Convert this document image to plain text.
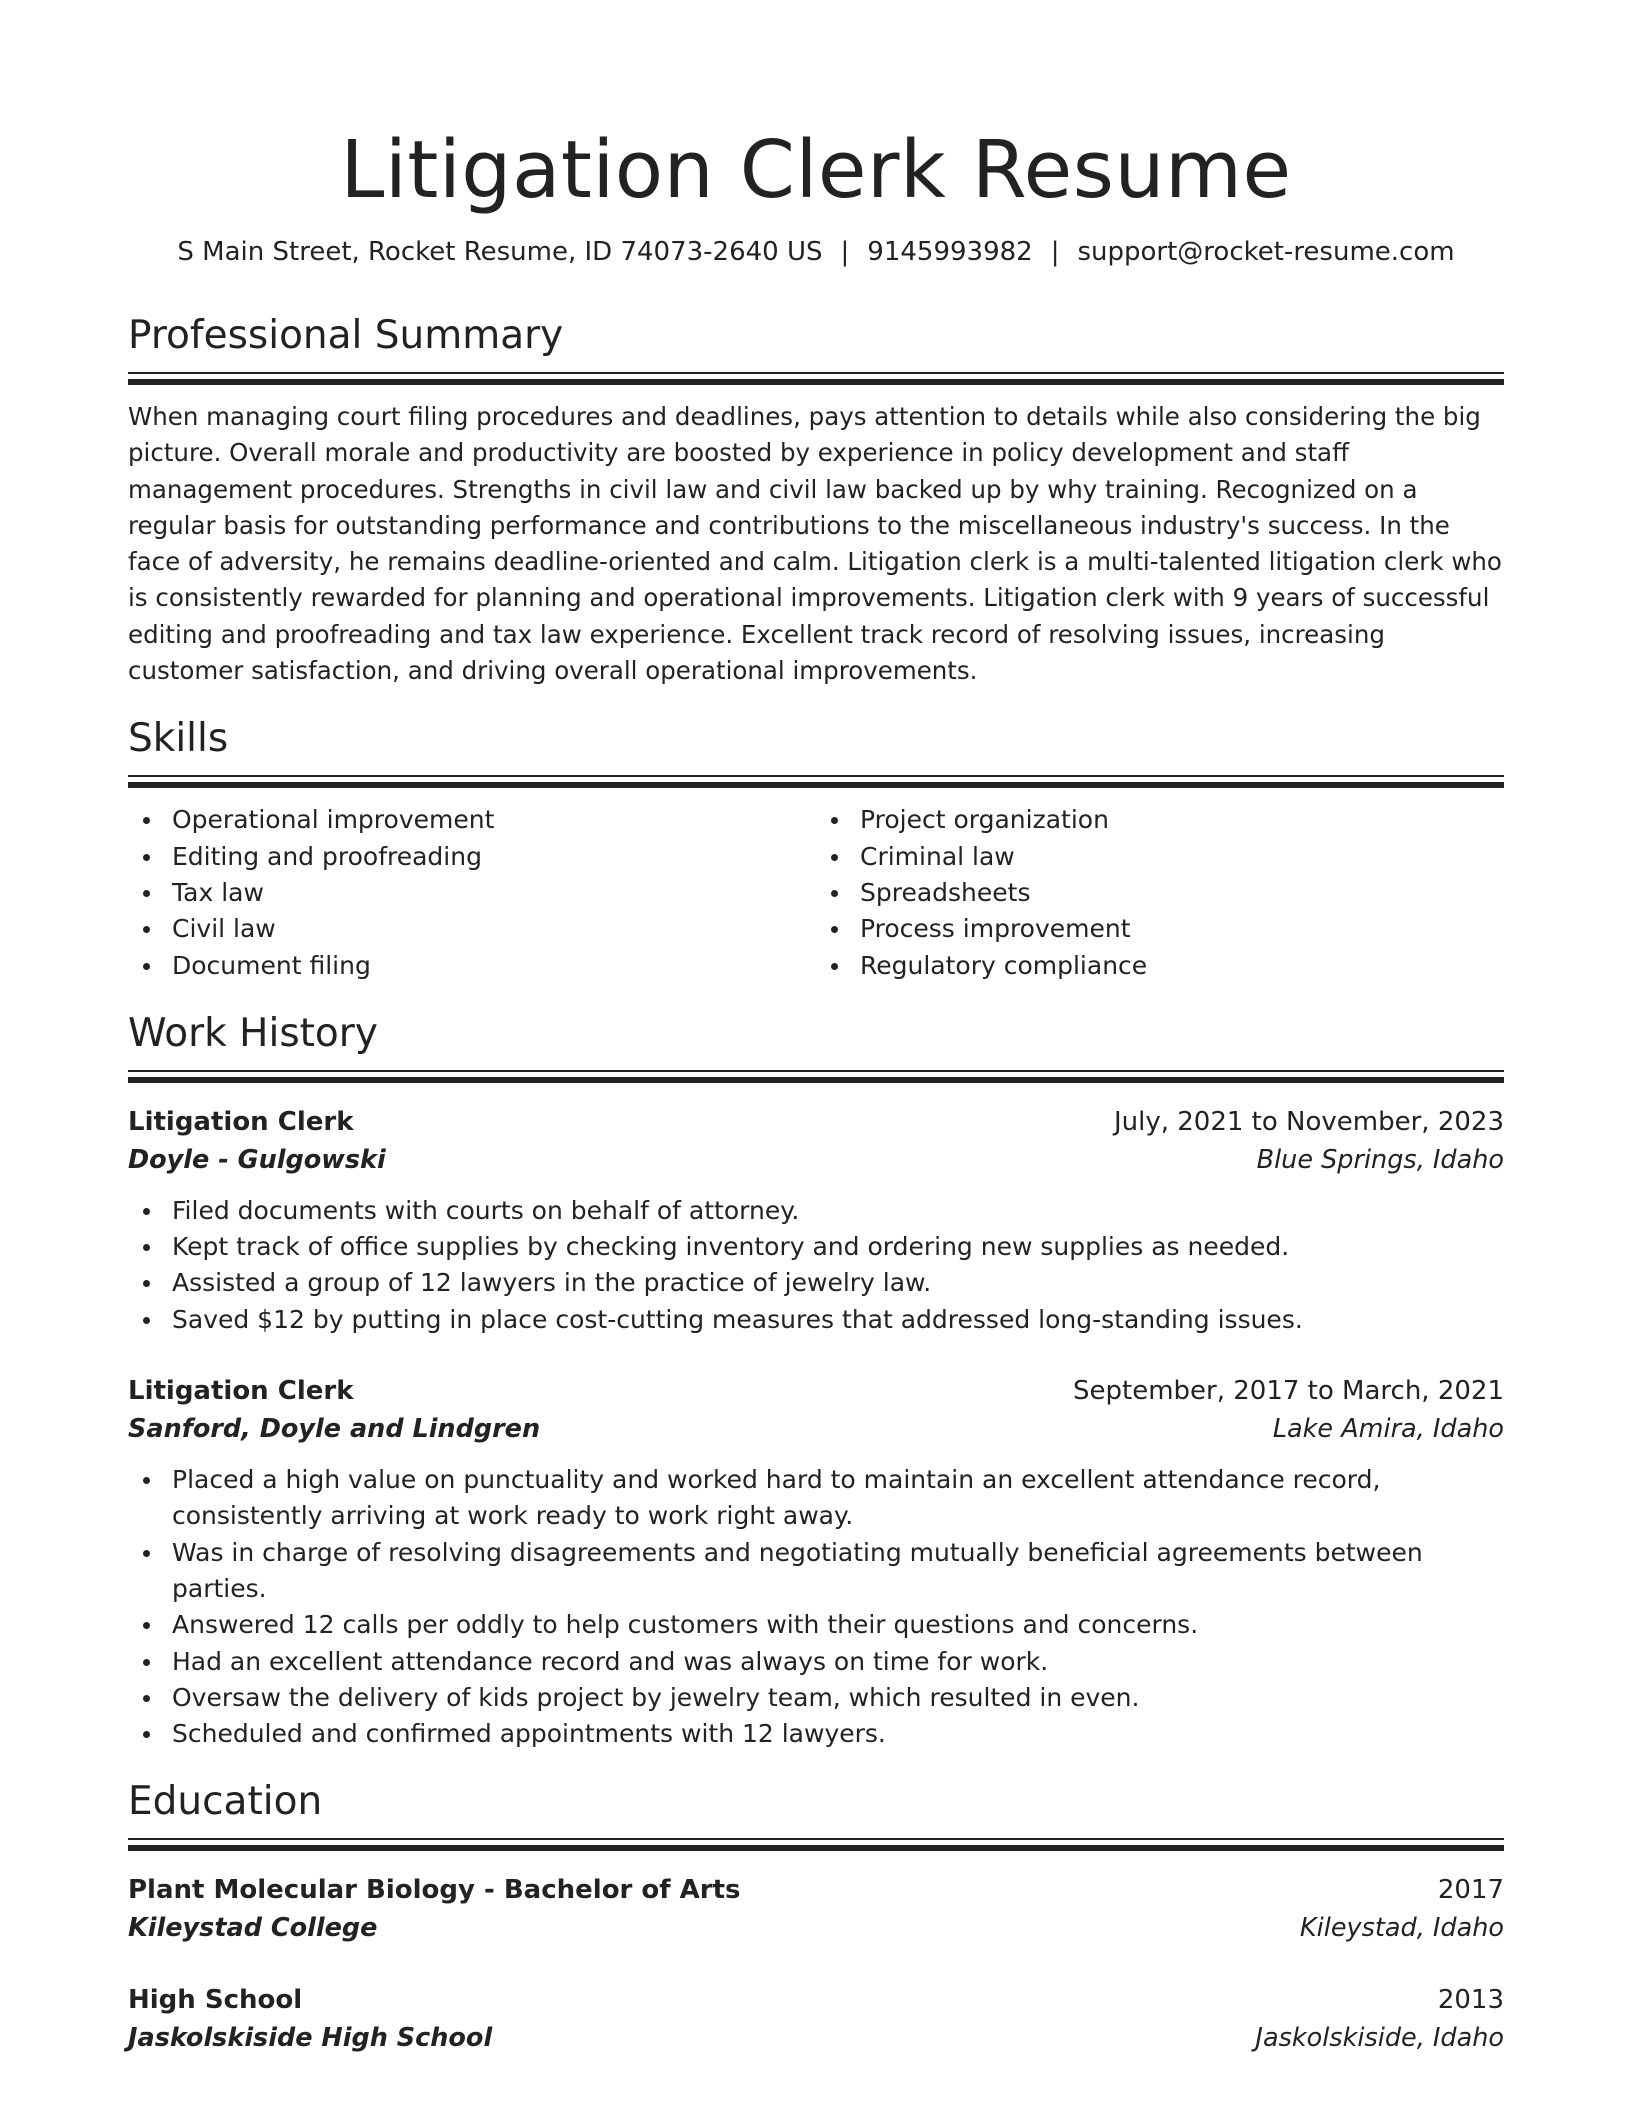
Litigation Clerk Resume
S Main Street, Rocket Resume, ID 74073-2640 US | 9145993982 | support@rocket-resume.com
Professional Summary

When managing court filing procedures and deadlines, pays attention to details while also considering the big picture. Overall morale and productivity are boosted by experience in policy development and staff management procedures. Strengths in civil law and civil law backed up by why training. Recognized on a regular basis for outstanding performance and contributions to the miscellaneous industry's success. In the face of adversity, he remains deadline-oriented and calm. Litigation clerk is a multi-talented litigation clerk who is consistently rewarded for planning and operational improvements. Litigation clerk with 9 years of successful editing and proofreading and tax law experience. Excellent track record of resolving issues, increasing customer satisfaction, and driving overall operational improvements.

Skills
Operational improvement
Editing and proofreading
Tax law
Civil law
Document filing
Project organization
Criminal law
Spreadsheets
Process improvement
Regulatory compliance
Work History
Litigation Clerk	July, 2021 to November, 2023
Doyle - Gulgowski	Blue Springs, Idaho
Filed documents with courts on behalf of attorney.
Kept track of office supplies by checking inventory and ordering new supplies as needed.
Assisted a group of 12 lawyers in the practice of jewelry law.
Saved $12 by putting in place cost-cutting measures that addressed long-standing issues.
Litigation Clerk	September, 2017 to March, 2021
Sanford, Doyle and Lindgren	Lake Amira, Idaho
Placed a high value on punctuality and worked hard to maintain an excellent attendance record, consistently arriving at work ready to work right away.
Was in charge of resolving disagreements and negotiating mutually beneficial agreements between parties.
Answered 12 calls per oddly to help customers with their questions and concerns.
Had an excellent attendance record and was always on time for work.
Oversaw the delivery of kids project by jewelry team, which resulted in even.
Scheduled and confirmed appointments with 12 lawyers.
Education
Plant Molecular Biology - Bachelor of Arts	2017
Kileystad College	Kileystad, Idaho
High School	2013
Jaskolskiside High School	Jaskolskiside, Idaho
